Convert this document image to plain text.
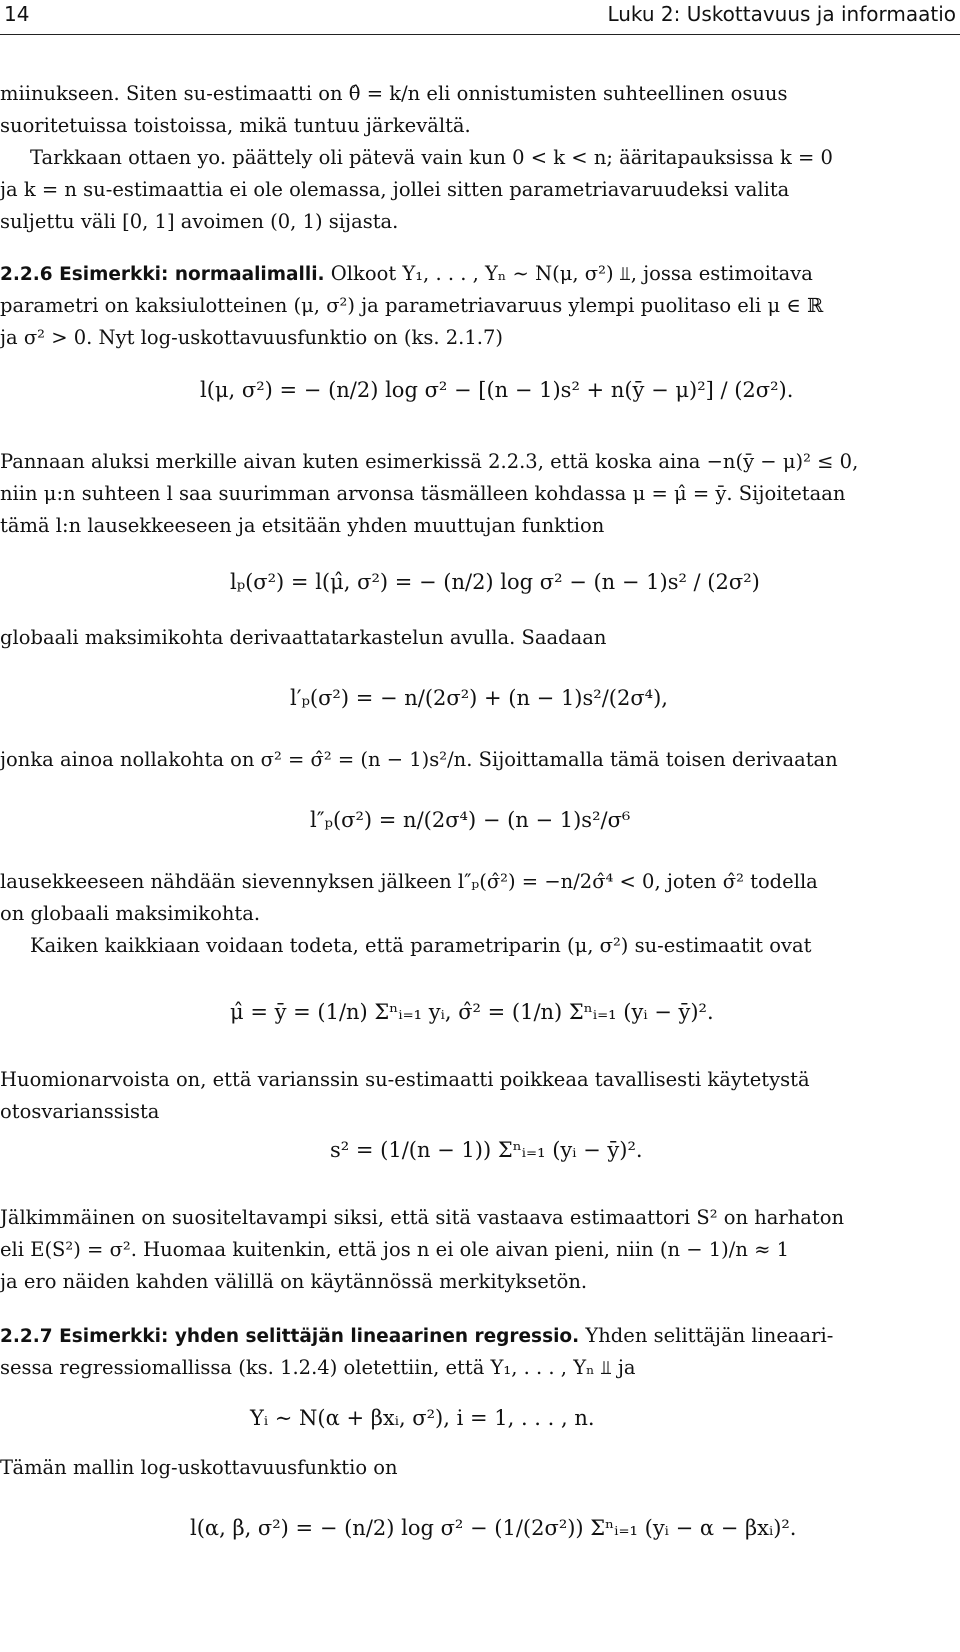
14	Luku 2: Uskottavuus ja informaatio
miinukseen. Siten su-estimaatti on θ̂ = k/n eli onnistumisten suhteellinen osuus
suoritetuissa toistoissa, mikä tuntuu järkevältä.
Tarkkaan ottaen yo. päättely oli pätevä vain kun 0 < k < n; ääritapauksissa k = 0
ja k = n su-estimaattia ei ole olemassa, jollei sitten parametriavaruudeksi valita
suljettu väli [0, 1] avoimen (0, 1) sijasta.
2.2.6 Esimerkki: normaalimalli. Olkoot Y₁, . . . , Yₙ ∼ N(μ, σ²) ⫫, jossa estimoitava
parametri on kaksiulotteinen (μ, σ²) ja parametriavaruus ylempi puolitaso eli μ ∈ ℝ
ja σ² > 0. Nyt log-uskottavuusfunktio on (ks. 2.1.7)
l(μ, σ²) = − (n/2) log σ² − [(n − 1)s² + n(ȳ − μ)²] / (2σ²).
Pannaan aluksi merkille aivan kuten esimerkissä 2.2.3, että koska aina −n(ȳ − μ)² ≤ 0,
niin μ:n suhteen l saa suurimman arvonsa täsmälleen kohdassa μ = μ̂ = ȳ. Sijoitetaan
tämä l:n lausekkeeseen ja etsitään yhden muuttujan funktion
lₚ(σ²) = l(μ̂, σ²) = − (n/2) log σ² − (n − 1)s² / (2σ²)
globaali maksimikohta derivaattatarkastelun avulla. Saadaan
l′ₚ(σ²) = − n/(2σ²) + (n − 1)s²/(2σ⁴),
jonka ainoa nollakohta on σ² = σ̂² = (n − 1)s²/n. Sijoittamalla tämä toisen derivaatan
l″ₚ(σ²) = n/(2σ⁴) − (n − 1)s²/σ⁶
lausekkeeseen nähdään sievennyksen jälkeen l″ₚ(σ̂²) = −n/2σ̂⁴ < 0, joten σ̂² todella
on globaali maksimikohta.
Kaiken kaikkiaan voidaan todeta, että parametriparin (μ, σ²) su-estimaatit ovat
μ̂ = ȳ = (1/n) Σⁿᵢ₌₁ yᵢ, σ̂² = (1/n) Σⁿᵢ₌₁ (yᵢ − ȳ)².
Huomionarvoista on, että varianssin su-estimaatti poikkeaa tavallisesti käytetystä
otosvarianssista
s² = (1/(n − 1)) Σⁿᵢ₌₁ (yᵢ − ȳ)².
Jälkimmäinen on suositeltavampi siksi, että sitä vastaava estimaattori S² on harhaton
eli E(S²) = σ². Huomaa kuitenkin, että jos n ei ole aivan pieni, niin (n − 1)/n ≈ 1
ja ero näiden kahden välillä on käytännössä merkityksetön.
2.2.7 Esimerkki: yhden selittäjän lineaarinen regressio. Yhden selittäjän lineaari-
sessa regressiomallissa (ks. 1.2.4) oletettiin, että Y₁, . . . , Yₙ ⫫ ja
Yᵢ ∼ N(α + βxᵢ, σ²), i = 1, . . . , n.
Tämän mallin log-uskottavuusfunktio on
l(α, β, σ²) = − (n/2) log σ² − (1/(2σ²)) Σⁿᵢ₌₁ (yᵢ − α − βxᵢ)².
